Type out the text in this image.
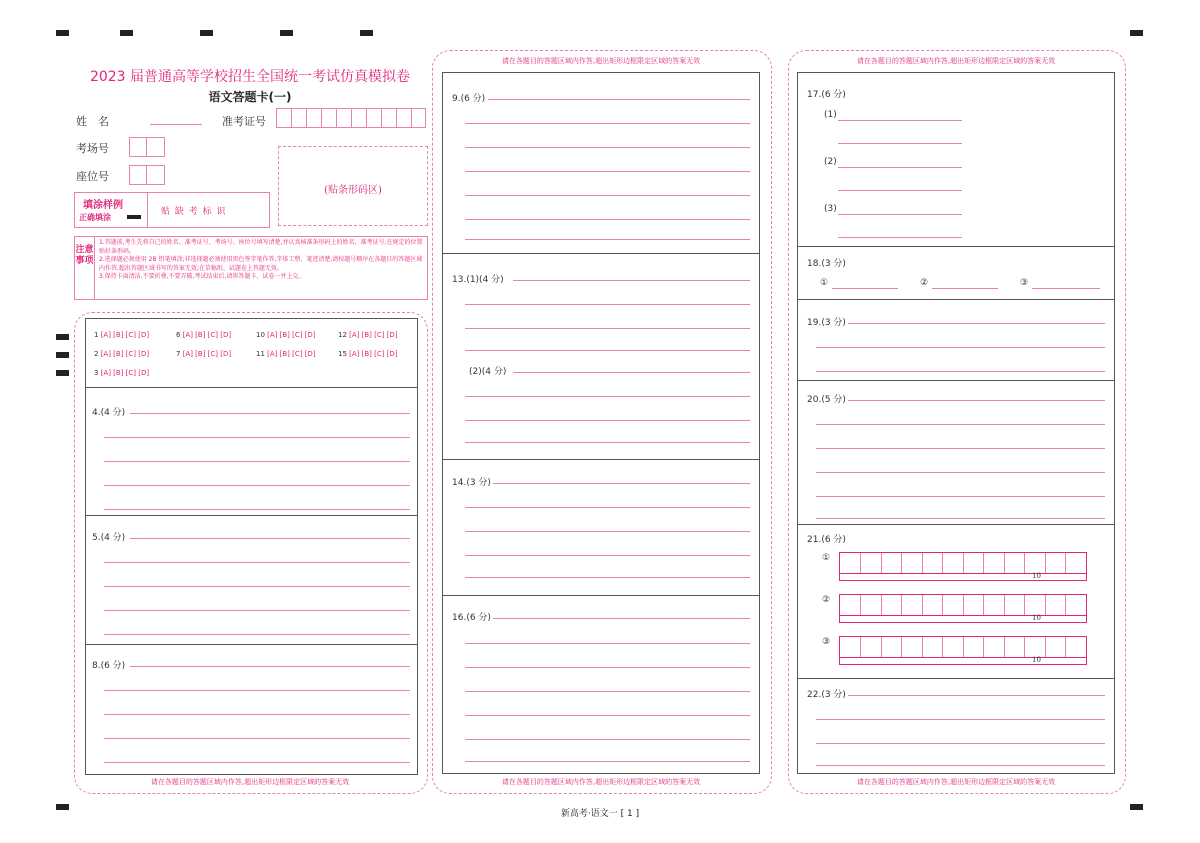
2023 届普通高等学校招生全国统一考试仿真模拟卷
语文答题卡(一)
姓　名	准考证号
考场号
座位号
(贴条形码区)
填涂样例
正确填涂
贴 缺 考 标 识
注意事项
1.答题前,考生先将自己的姓名、准考证号、考场号、座位号填写清楚,并认真核准条形码上的姓名、准考证号,在规定的位置贴好条形码。
2.选择题必须使用 2B 铅笔填涂;非选择题必须使用黑色签字笔作答,字体工整、笔迹清楚,请按题号顺序在各题目的答题区域内作答,超出答题区域书写的答案无效;在草稿纸、试题卷上答题无效。
3.保持卡面清洁,不要折叠,不要弄破,考试结束后,请将答题卡、试卷一并上交。
请在各题目的答题区域内作答,超出矩形边框限定区域的答案无效
1 [A] [B] [C] [D]	6 [A] [B] [C] [D]	10 [A] [B] [C] [D]	12 [A] [B] [C] [D]
2 [A] [B] [C] [D]	7 [A] [B] [C] [D]	11 [A] [B] [C] [D]	15 [A] [B] [C] [D]
3 [A] [B] [C] [D]
4.(4 分)
5.(4 分)
8.(6 分)
请在各题目的答题区域内作答,超出矩形边框限定区域的答案无效
请在各题目的答题区域内作答,超出矩形边框限定区域的答案无效
9.(6 分)
13.(1)(4 分)
(2)(4 分)
14.(3 分)
16.(6 分)
请在各题目的答题区域内作答,超出矩形边框限定区域的答案无效
请在各题目的答题区域内作答,超出矩形边框限定区域的答案无效
17.(6 分)
(1)
(2)
(3)
18.(3 分)
①	②	③
19.(3 分)
20.(5 分)
21.(6 分)
①
10
②
10
③
10
22.(3 分)
新高考·语文一 [ 1 ]
